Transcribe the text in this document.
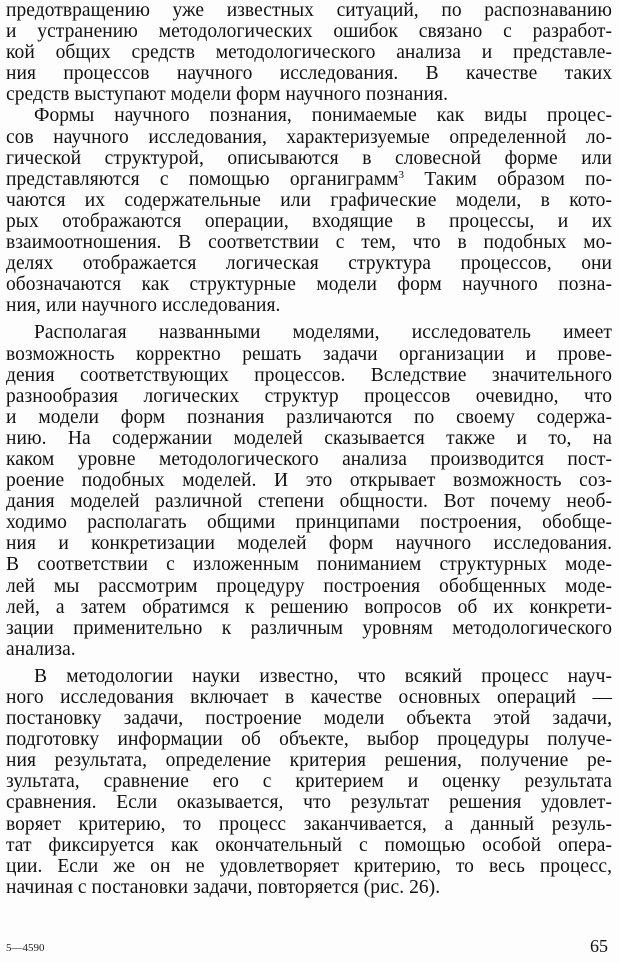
предотвращению уже известных ситуаций, по распознаванию
и устранению методологических ошибок связано с разработ-
кой общих средств методологического анализа и представле-
ния процессов научного исследования. В качестве таких
средств выступают модели форм научного познания.
Формы научного познания, понимаемые как виды процес-
сов научного исследования, характеризуемые определенной ло-
гической структурой, описываются в словесной форме или
представляются с помощью органиграмм$^3$ Таким образом по-
чаются их содержательные или графические модели, в кото-
рых отображаются операции, входящие в процессы, и их
взаимоотношения. В соответствии с тем, что в подобных мо-
делях отображается логическая структура процессов, они
обозначаются как структурные модели форм научного позна-
ния, или научного исследования.
Располагая названными моделями, исследователь имеет
возможность корректно решать задачи организации и прове-
дения соответствующих процессов. Вследствие значительного
разнообразия логических структур процессов очевидно, что
и модели форм познания различаются по своему содержа-
нию. На содержании моделей сказывается также и то, на
каком уровне методологического анализа производится пост-
роение подобных моделей. И это открывает возможность соз-
дания моделей различной степени общности. Вот почему необ-
ходимо располагать общими принципами построения, обобще-
ния и конкретизации моделей форм научного исследования.
В соответствии с изложенным пониманием структурных моде-
лей мы рассмотрим процедуру построения обобщенных моде-
лей, а затем обратимся к решению вопросов об их конкрети-
зации применительно к различным уровням методологического
анализа.
В методологии науки известно, что всякий процесс науч-
ного исследования включает в качестве основных операций —
постановку задачи, построение модели объекта этой задачи,
подготовку информации об объекте, выбор процедуры получе-
ния результата, определение критерия решения, получение ре-
зультата, сравнение его с критерием и оценку результата
сравнения. Если оказывается, что результат решения удовлет-
воряет критерию, то процесс заканчивается, а данный резуль-
тат фиксируется как окончательный с помощью особой опера-
ции. Если же он не удовлетворяет критерию, то весь процесс,
начиная с постановки задачи, повторяется (рис. 26).
5—4590	65
